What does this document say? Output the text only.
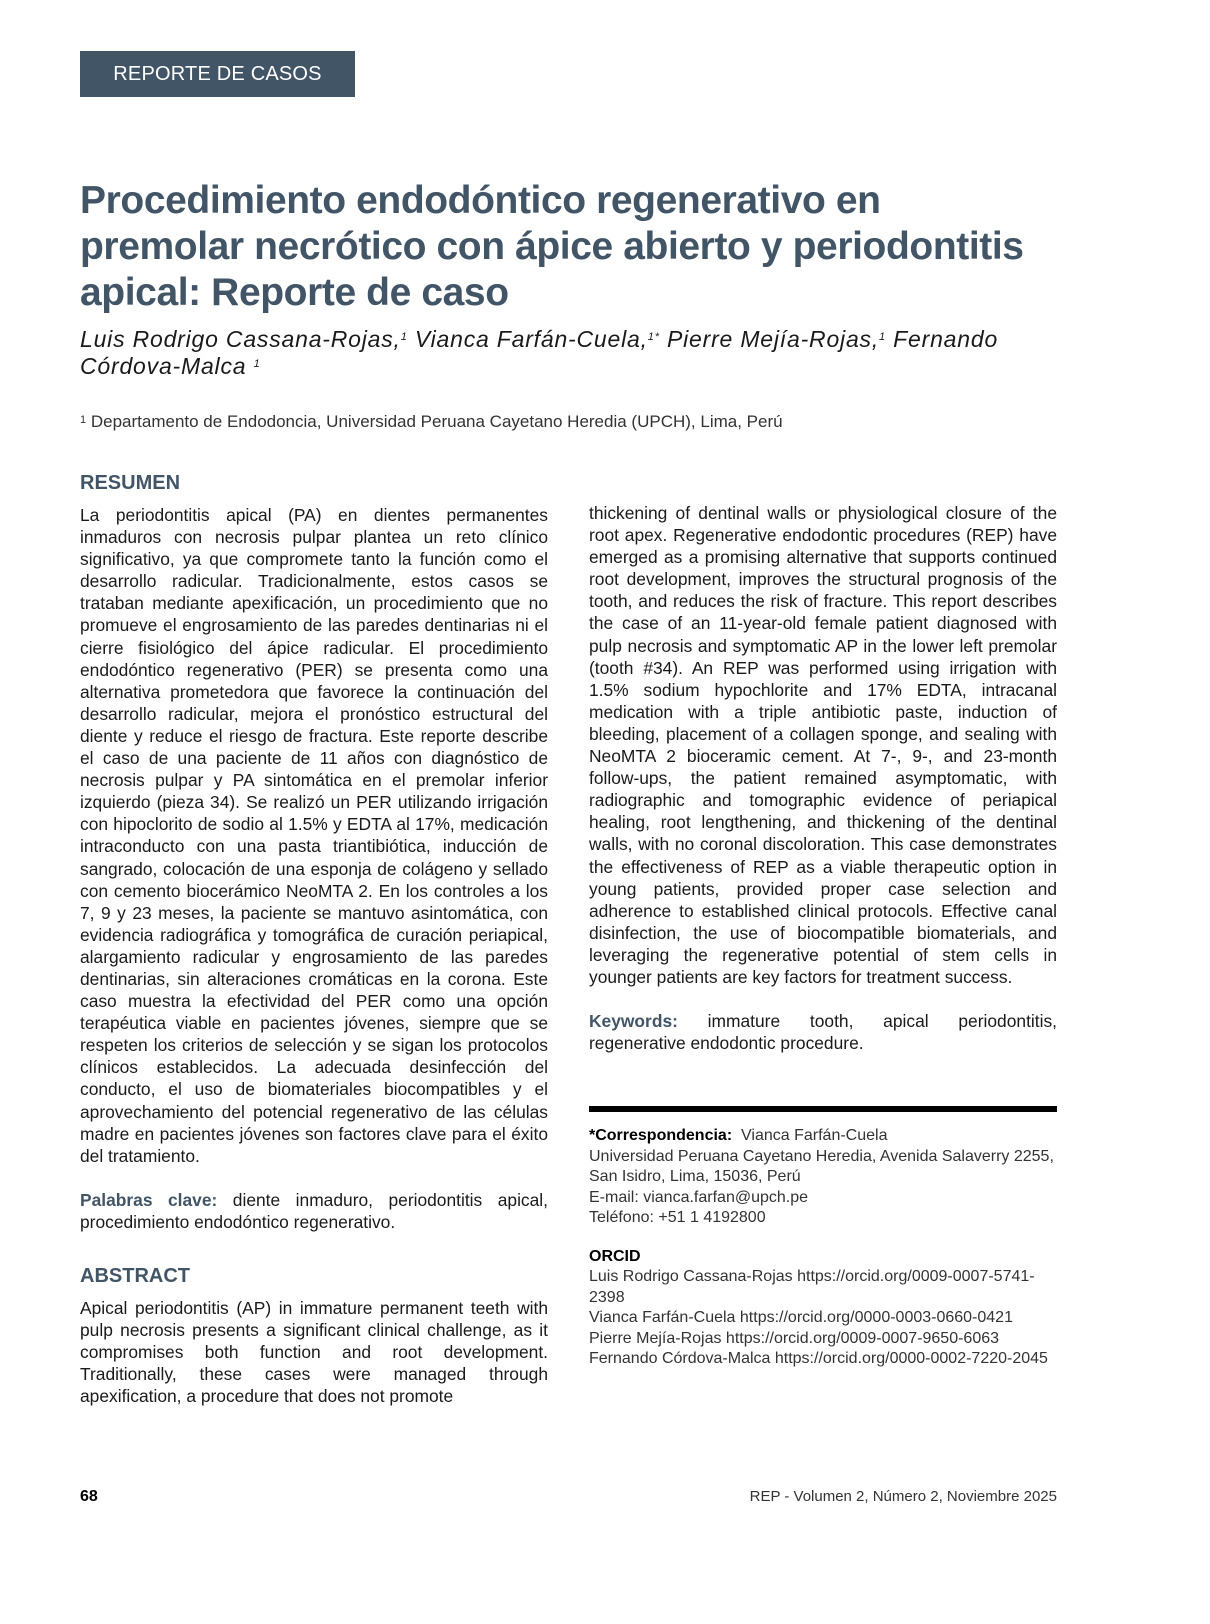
REPORTE DE CASOS
Procedimiento endodóntico regenerativo en premolar necrótico con ápice abierto y periodontitis apical: Reporte de caso

Luis Rodrigo Cassana-Rojas,$^1$ Vianca Farfán-Cuela,$^{1*}$ Pierre Mejía-Rojas,$^1$ Fernando Córdova-Malca $^1$

$^1$ Departamento de Endodoncia, Universidad Peruana Cayetano Heredia (UPCH), Lima, Perú
RESUMEN

La periodontitis apical (PA) en dientes permanentes inmaduros con necrosis pulpar plantea un reto clínico significativo, ya que compromete tanto la función como el desarrollo radicular. Tradicionalmente, estos casos se trataban mediante apexificación, un procedimiento que no promueve el engrosamiento de las paredes dentinarias ni el cierre fisiológico del ápice radicular. El procedimiento endodóntico regenerativo (PER) se presenta como una alternativa prometedora que favorece la continuación del desarrollo radicular, mejora el pronóstico estructural del diente y reduce el riesgo de fractura. Este reporte describe el caso de una paciente de 11 años con diagnóstico de necrosis pulpar y PA sintomática en el premolar inferior izquierdo (pieza 34). Se realizó un PER utilizando irrigación con hipoclorito de sodio al 1.5% y EDTA al 17%, medicación intraconducto con una pasta triantibiótica, inducción de sangrado, colocación de una esponja de colágeno y sellado con cemento biocerámico NeoMTA 2. En los controles a los 7, 9 y 23 meses, la paciente se mantuvo asintomática, con evidencia radiográfica y tomográfica de curación periapical, alargamiento radicular y engrosamiento de las paredes dentinarias, sin alteraciones cromáticas en la corona. Este caso muestra la efectividad del PER como una opción terapéutica viable en pacientes jóvenes, siempre que se respeten los criterios de selección y se sigan los protocolos clínicos establecidos. La adecuada desinfección del conducto, el uso de biomateriales biocompatibles y el aprovechamiento del potencial regenerativo de las células madre en pacientes jóvenes son factores clave para el éxito del tratamiento.

Palabras clave: diente inmaduro, periodontitis apical, procedimiento endodóntico regenerativo.

ABSTRACT

Apical periodontitis (AP) in immature permanent teeth with pulp necrosis presents a significant clinical challenge, as it compromises both function and root development. Traditionally, these cases were managed through apexification, a procedure that does not promote

thickening of dentinal walls or physiological closure of the root apex. Regenerative endodontic procedures (REP) have emerged as a promising alternative that supports continued root development, improves the structural prognosis of the tooth, and reduces the risk of fracture. This report describes the case of an 11-year-old female patient diagnosed with pulp necrosis and symptomatic AP in the lower left premolar (tooth #34). An REP was performed using irrigation with 1.5% sodium hypochlorite and 17% EDTA, intracanal medication with a triple antibiotic paste, induction of bleeding, placement of a collagen sponge, and sealing with NeoMTA 2 bioceramic cement. At 7-, 9-, and 23-month follow-ups, the patient remained asymptomatic, with radiographic and tomographic evidence of periapical healing, root lengthening, and thickening of the dentinal walls, with no coronal discoloration. This case demonstrates the effectiveness of REP as a viable therapeutic option in young patients, provided proper case selection and adherence to established clinical protocols. Effective canal disinfection, the use of biocompatible biomaterials, and leveraging the regenerative potential of stem cells in younger patients are key factors for treatment success.

Keywords: immature tooth, apical periodontitis, regenerative endodontic procedure.

*Correspondencia: Vianca Farfán-Cuela
Universidad Peruana Cayetano Heredia, Avenida Salaverry 2255, San Isidro, Lima, 15036, Perú
E-mail: vianca.farfan@upch.pe
Teléfono: +51 1 4192800
ORCID
Luis Rodrigo Cassana-Rojas https://orcid.org/0009-0007-5741-2398
Vianca Farfán-Cuela https://orcid.org/0000-0003-0660-0421
Pierre Mejía-Rojas https://orcid.org/0009-0007-9650-6063
Fernando Córdova-Malca https://orcid.org/0000-0002-7220-2045
68	REP - Volumen 2, Número 2, Noviembre 2025
